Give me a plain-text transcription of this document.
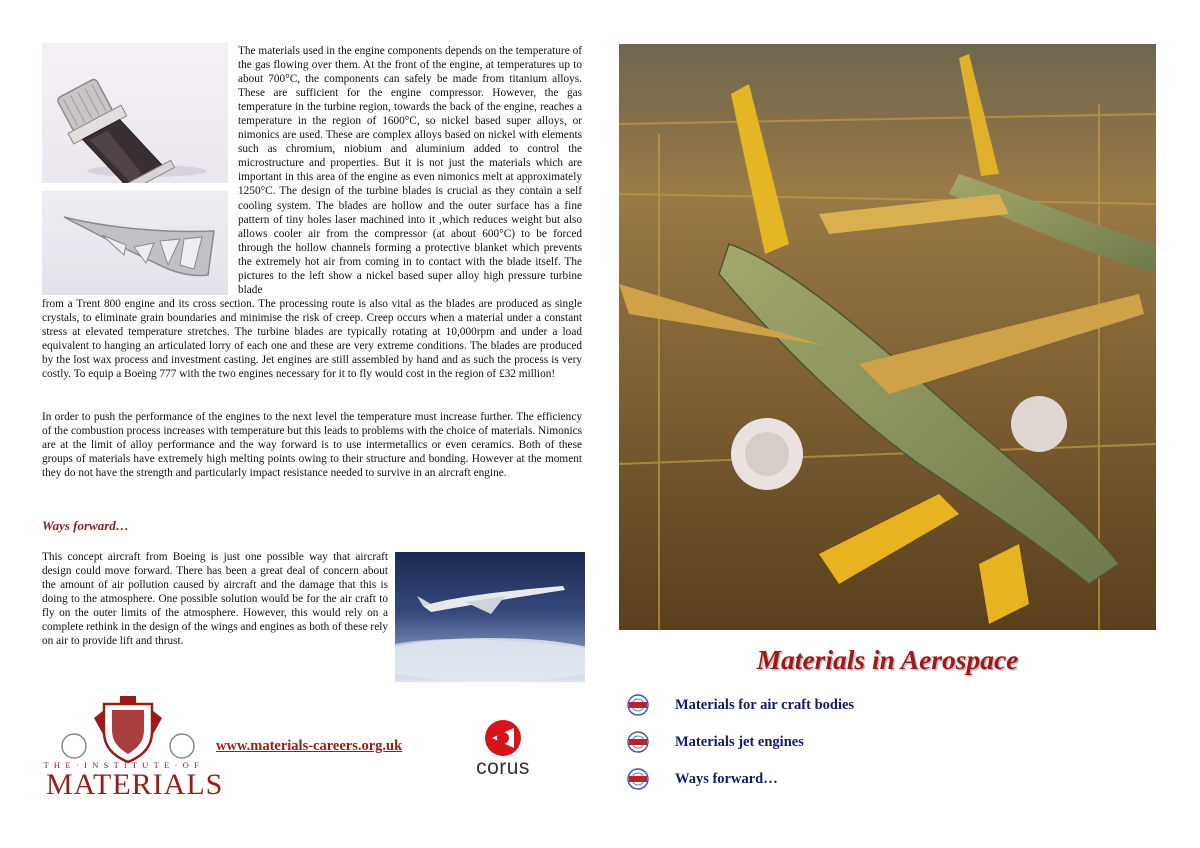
The materials used in the engine components depends on the temperature of the gas flowing over them. At the front of the engine, at temperatures up to about 700°C, the components can safely be made from titanium alloys. These are sufficient for the engine compressor. However, the gas temperature in the turbine region, towards the back of the engine, reaches a temperature in the region of 1600°C, so nickel based super alloys, or nimonics are used. These are complex alloys based on nickel with elements such as chromium, niobium and aluminium added to control the microstructure and properties. But it is not just the materials which are important in this area of the engine as even nimonics melt at approximately 1250°C. The design of the turbine blades is crucial as they contain a self cooling system. The blades are hollow and the outer surface has a fine pattern of tiny holes laser machined into it ,which reduces weight but also allows cooler air from the compressor (at about 600°C) to be forced through the hollow channels forming a protective blanket which prevents the extremely hot air from coming in to contact with the blade itself. The pictures to the left show a nickel based super alloy high pressure turbine blade

from a Trent 800 engine and its cross section. The processing route is also vital as the blades are produced as single crystals, to eliminate grain boundaries and minimise the risk of creep. Creep occurs when a material under a constant stress at elevated temperature stretches. The turbine blades are typically rotating at 10,000rpm and under a load equivalent to hanging an articulated lorry of each one and these are very extreme conditions. The blades are produced by the lost wax process and investment casting. Jet engines are still assembled by hand and as such the process is very costly. To equip a Boeing 777 with the two engines necessary for it to fly would cost in the region of £32 million!

In order to push the performance of the engines to the next level the temperature must increase further. The efficiency of the combustion process increases with temperature but this leads to problems with the choice of materials. Nimonics are at the limit of alloy performance and the way forward is to use intermetallics or even ceramics. Both of these groups of materials have extremely high melting points owing to their structure and bonding. However at the moment they do not have the strength and particularly impact resistance needed to survive in an aircraft engine.

Ways forward…

This concept aircraft from Boeing is just one possible way that aircraft design could move forward. There has been a great deal of concern about the amount of air pollution caused by aircraft and the damage that this is doing to the atmosphere. One possible solution would be for the air craft to fly on the outer limits of the atmosphere. However, this would rely on a complete rethink in the design of the wings and engines as both of these rely on air to provide lift and thrust.

T H E · I N S T I T U T E · O F
MATERIALS
www.materials-careers.org.uk
corus
Materials in Aerospace
Materials for air craft bodies
Materials jet engines
Ways forward…
